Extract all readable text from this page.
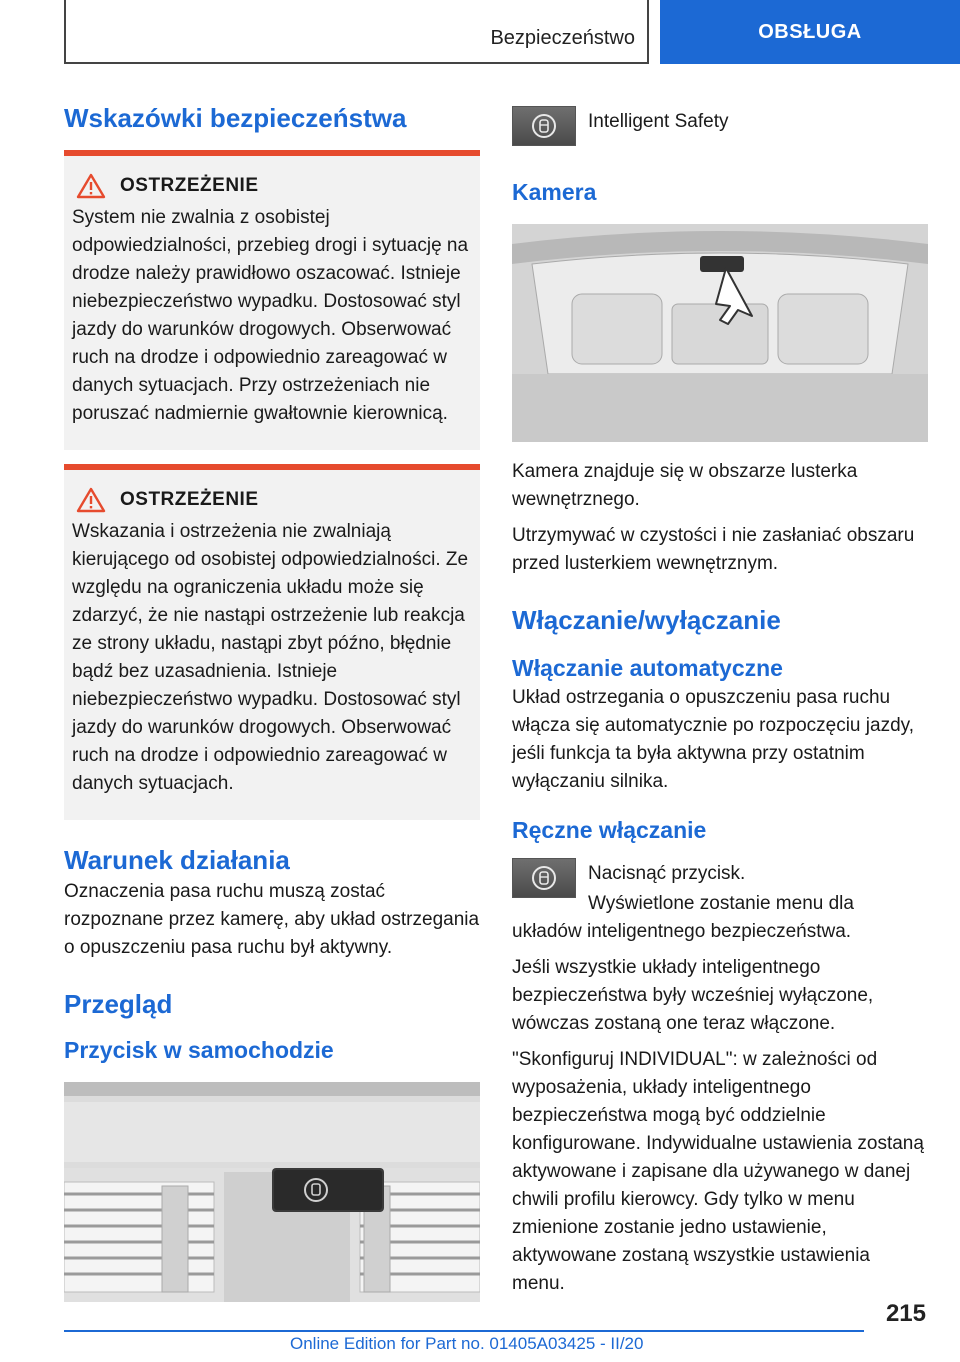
Bezpieczeństwo	OBSŁUGA
Wskazówki bezpieczeństwa
OSTRZEŻENIE

System nie zwalnia z osobistej odpowiedzialności, przebieg drogi i sytuację na drodze należy prawidłowo oszacować. Istnieje niebezpieczeństwo wypadku. Dostosować styl jazdy do warunków drogowych. Obserwować ruch na drodze i odpowiednio zareagować w danych sytuacjach. Przy ostrzeżeniach nie poruszać nadmiernie gwałtownie kierownicą.

OSTRZEŻENIE

Wskazania i ostrzeżenia nie zwalniają kierującego od osobistej odpowiedzialności. Ze względu na ograniczenia układu może się zdarzyć, że nie nastąpi ostrzeżenie lub reakcja ze strony układu, nastąpi zbyt późno, błędnie bądź bez uzasadnienia. Istnieje niebezpieczeństwo wypadku. Dostosować styl jazdy do warunków drogowych. Obserwować ruch na drodze i odpowiednio zareagować w danych sytuacjach.

Warunek działania

Oznaczenia pasa ruchu muszą zostać rozpoznane przez kamerę, aby układ ostrzegania o opuszczeniu pasa ruchu był aktywny.

Przegląd
Przycisk w samochodzie
Intelligent Safety
Kamera

Kamera znajduje się w obszarze lusterka wewnętrznego.

Utrzymywać w czystości i nie zasłaniać obszaru przed lusterkiem wewnętrznym.

Włączanie/wyłączanie
Włączanie automatyczne

Układ ostrzegania o opuszczeniu pasa ruchu włącza się automatycznie po rozpoczęciu jazdy, jeśli funkcja ta była aktywna przy ostatnim wyłączaniu silnika.

Ręczne włączanie
Nacisnąć przycisk.

Wyświetlone zostanie menu dla układów inteligentnego bezpieczeństwa.

Jeśli wszystkie układy inteligentnego bezpieczeństwa były wcześniej wyłączone, wówczas zostaną one teraz włączone.

"Skonfiguruj INDIVIDUAL": w zależności od wyposażenia, układy inteligentnego bezpieczeństwa mogą być oddzielnie konfigurowane. Indywidualne ustawienia zostaną aktywowane i zapisane dla używanego w danej chwili profilu kierowcy. Gdy tylko w menu zmienione zostanie jedno ustawienie, aktywowane zostaną wszystkie ustawienia menu.

215
Online Edition for Part no. 01405A03425 - II/20
